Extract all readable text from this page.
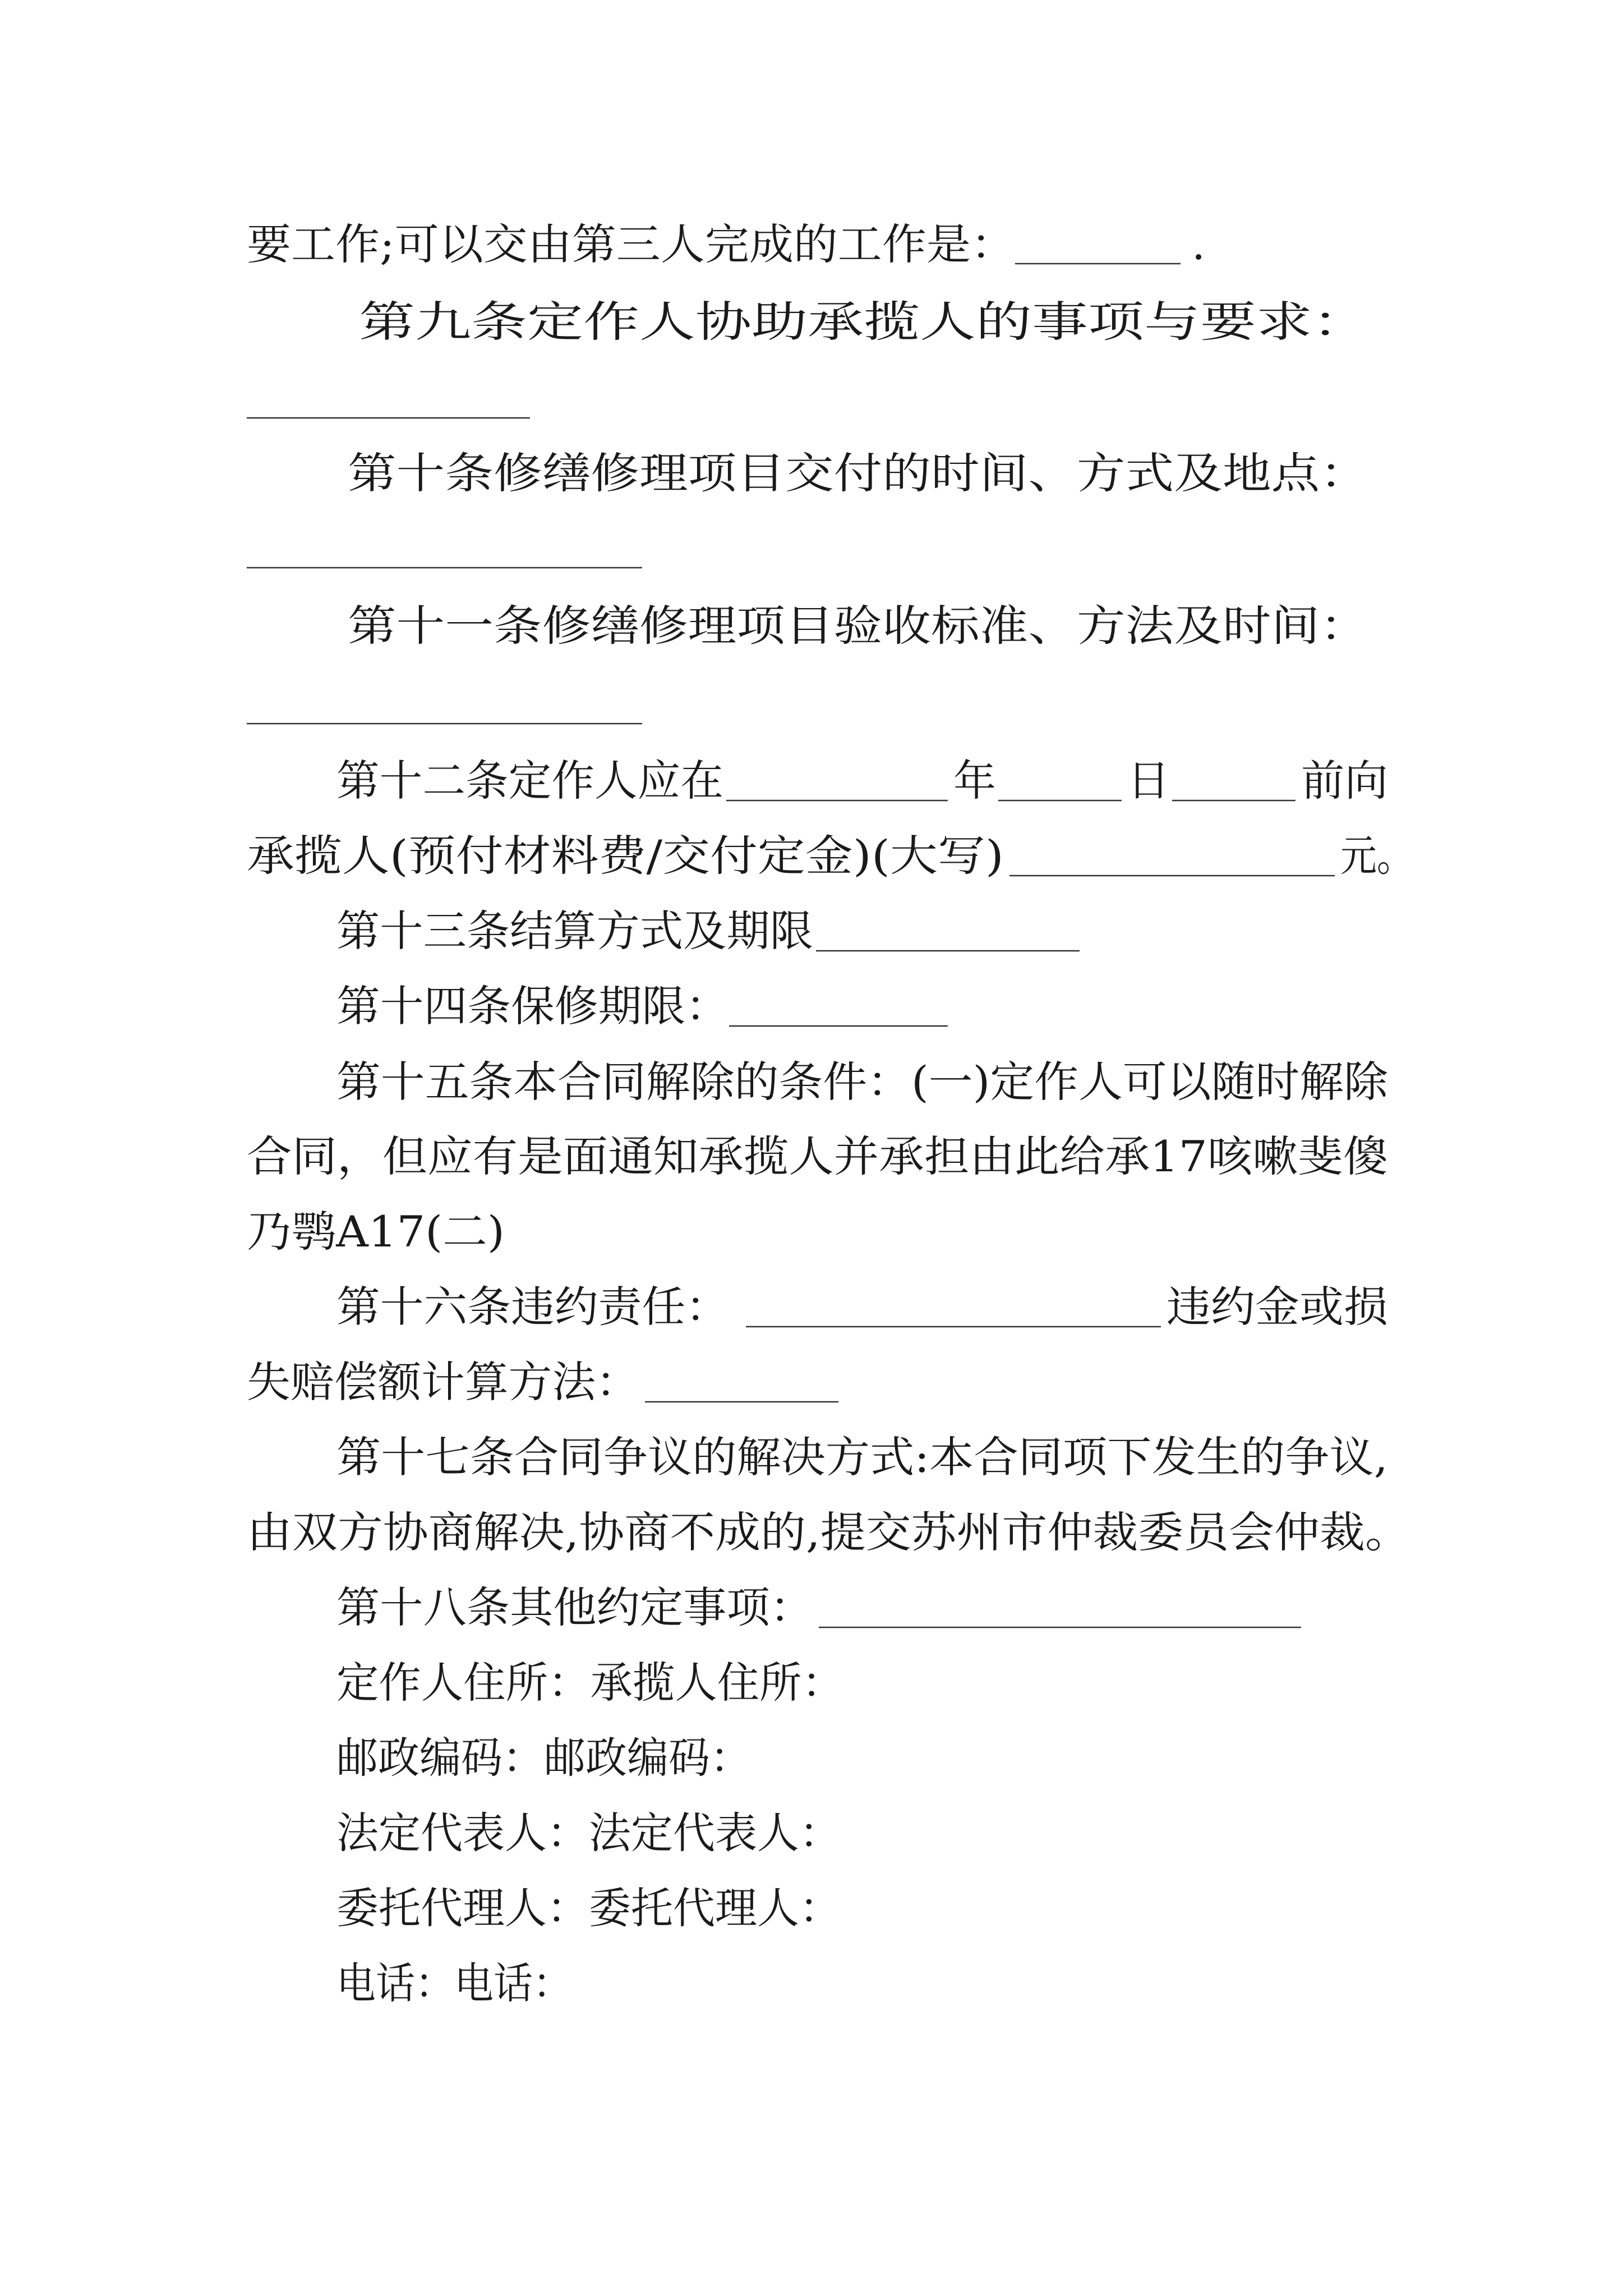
要工作;可以交由第三人完成的工作是：	.
第九条定作人协助承揽人的事项与要求：
第十条修缮修理项目交付的时间、方式及地点：
第十一条修缮修理项目验收标准、方法及时间：
第十二条定作人应在	年	日	前向
承揽人(预付材料费/交付定金)(大写)	元。
第十三条结算方式及期限
第十四条保修期限：
第十五条本合同解除的条件：(一)定作人可以随时解除
合同，但应有是面通知承揽人并承担由此给承17咳嗽斐傻
乃鹗A17(二)
第十六条违约责任：	违约金或损
失赔偿额计算方法：
第十七条合同争议的解决方式:本合同项下发生的争议,
由双方协商解决,协商不成的,提交苏州市仲裁委员会仲裁。
第十八条其他约定事项：
定作人住所：承揽人住所：
邮政编码：邮政编码：
法定代表人：法定代表人：
委托代理人：委托代理人：
电话：电话：
